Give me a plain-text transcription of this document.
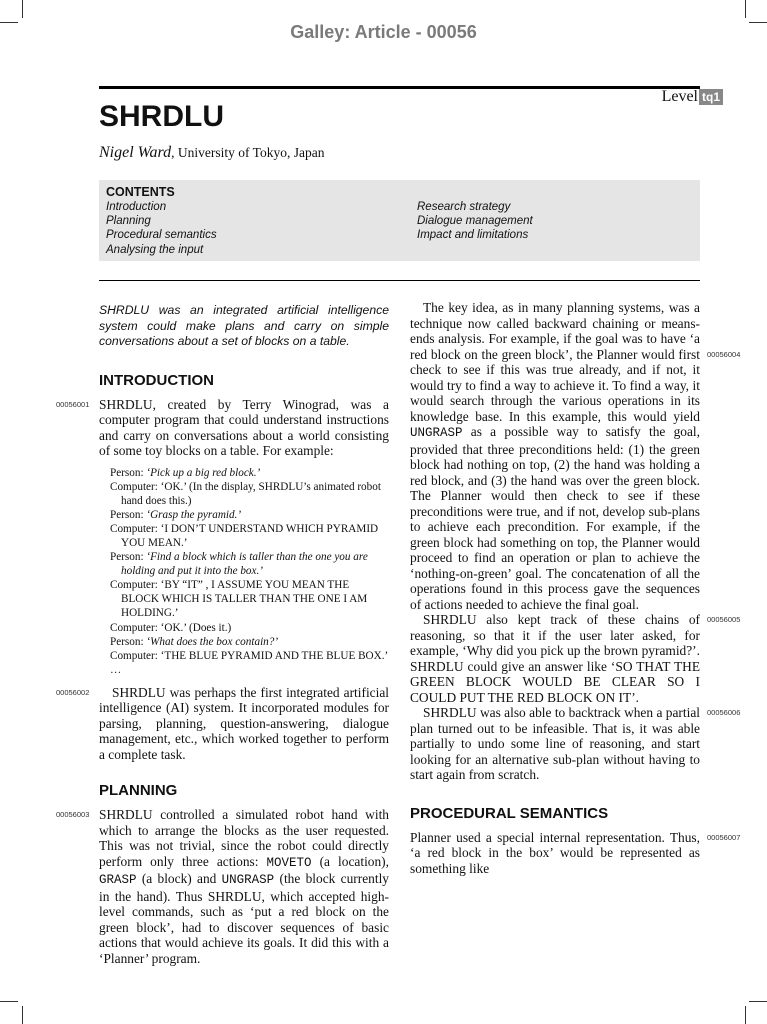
Galley: Article - 00056
Level tq1
SHRDLU
Nigel Ward, University of Tokyo, Japan
CONTENTS
Introduction
Planning
Procedural semantics
Analysing the input
Research strategy
Dialogue management
Impact and limitations

SHRDLU was an integrated artificial intelligence system could make plans and carry on simple conversations about a set of blocks on a table.

INTRODUCTION

00056001 SHRDLU, created by Terry Winograd, was a computer program that could understand instructions and carry on conversations about a world consisting of some toy blocks on a table. For example:

Person: ‘Pick up a big red block.’
Computer: ‘OK.’ (In the display, SHRDLU’s animated robot hand does this.)
Person: ‘Grasp the pyramid.’
Computer: ‘I DON’T UNDERSTAND WHICH PYRAMID YOU MEAN.’
Person: ‘Find a block which is taller than the one you are holding and put it into the box.’
Computer: ‘BY “IT” , I ASSUME YOU MEAN THE BLOCK WHICH IS TALLER THAN THE ONE I AM HOLDING.’
Computer: ‘OK.’ (Does it.)
Person: ‘What does the box contain?’
Computer: ‘THE BLUE PYRAMID AND THE BLUE BOX.’
…

00056002 SHRDLU was perhaps the first integrated artificial intelligence (AI) system. It incorporated modules for parsing, planning, question-answering, dialogue management, etc., which worked together to perform a complete task.

PLANNING

00056003 SHRDLU controlled a simulated robot hand with which to arrange the blocks as the user requested. This was not trivial, since the robot could directly perform only three actions: MOVETO (a location), GRASP (a block) and UNGRASP (the block currently in the hand). Thus SHRDLU, which accepted high-level commands, such as ‘put a red block on the green block’, had to discover sequences of basic actions that would achieve its goals. It did this with a ‘Planner’ program.

00056004
The key idea, as in many planning systems, was a technique now called backward chaining or means-ends analysis. For example, if the goal was to have ‘a red block on the green block’, the Planner would first check to see if this was true already, and if not, it would try to find a way to achieve it. To find a way, it would search through the various operations in its knowledge base. In this example, this would yield UNGRASP as a possible way to satisfy the goal, provided that three preconditions held: (1) the green block had nothing on top, (2) the hand was holding a red block, and (3) the hand was over the green block. The Planner would then check to see if these preconditions were true, and if not, develop sub-plans to achieve each precondition. For example, if the green block had something on top, the Planner would proceed to find an operation or plan to achieve the ‘nothing-on-green’ goal. The concatenation of all the operations found in this process gave the sequences of actions needed to achieve the final goal.

00056005
SHRDLU also kept track of these chains of reasoning, so that it if the user later asked, for example, ‘Why did you pick up the brown pyramid?’. SHRDLU could give an answer like ‘SO THAT THE GREEN BLOCK WOULD BE CLEAR SO I COULD PUT THE RED BLOCK ON IT’.

00056006
SHRDLU was also able to backtrack when a partial plan turned out to be infeasible. That is, it was able partially to undo some line of reasoning, and start looking for an alternative sub-plan without having to start again from scratch.

PROCEDURAL SEMANTICS

00056007
Planner used a special internal representation. Thus, ‘a red block in the box’ would be represented as something like
